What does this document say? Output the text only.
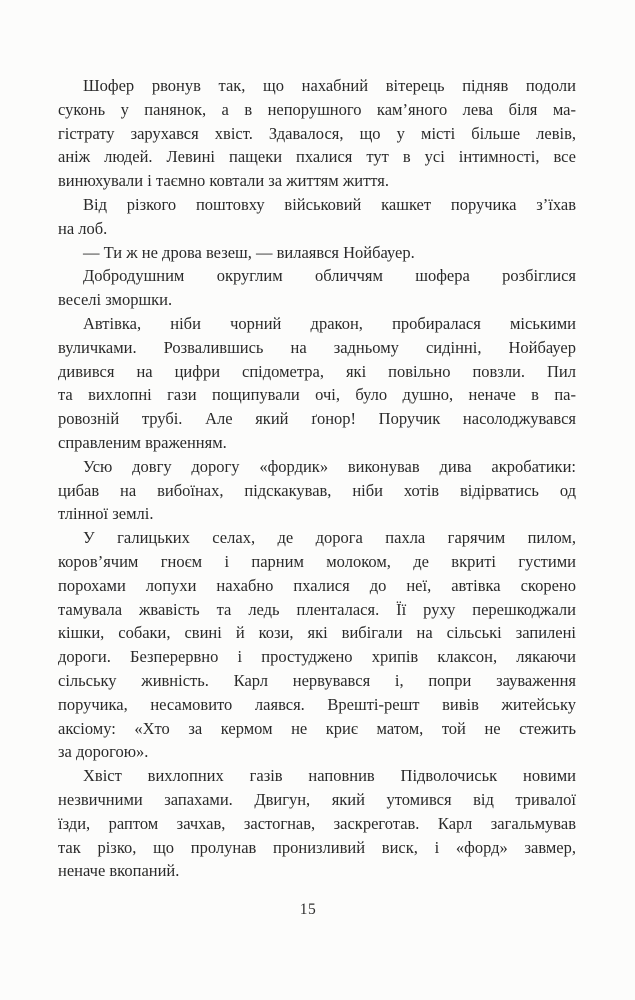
Шофер рвонув так, що нахабний вітерець підняв подоли
суконь у панянок, а в непорушного кам’яного лева біля ма-
гістрату зарухався хвіст. Здавалося, що у місті більше левів,
аніж людей. Левині пащеки пхалися тут в усі інтимності, все
винюхували і таємно ковтали за життям життя.

Від різкого поштовху військовий кашкет поручика з’їхав
на лоб.

— Ти ж не дрова везеш, — вилаявся Нойбауер.

Добродушним округлим обличчям шофера розбіглися
веселі зморшки.

Автівка, ніби чорний дракон, пробиралася міськими
вуличками. Розвалившись на задньому сидінні, Нойбауер
дивився на цифри спідометра, які повільно повзли. Пил
та вихлопні гази пощипували очі, було душно, неначе в па-
ровозній трубі. Але який ґонор! Поручик насолоджувався
справленим враженням.

Усю довгу дорогу «фордик» виконував дива акробатики:
цибав на вибоїнах, підскакував, ніби хотів відірватись од
тлінної землі.

У галицьких селах, де дорога пахла гарячим пилом,
коров’ячим гноєм і парним молоком, де вкриті густими
порохами лопухи нахабно пхалися до неї, автівка скорено
тамувала жвавість та ледь пленталася. Її руху перешкоджали
кішки, собаки, свині й кози, які вибігали на сільські запилені
дороги. Безперервно і простуджено хрипів клаксон, лякаючи
сільську живність. Карл нервувався і, попри зауваження
поручика, несамовито лаявся. Врешті-решт вивів житейську
аксіому: «Хто за кермом не криє матом, той не стежить
за дорогою».

Хвіст вихлопних газів наповнив Підволочиськ новими
незвичними запахами. Двигун, який утомився від тривалої
їзди, раптом зачхав, застогнав, заскреготав. Карл загальмував
так різко, що пролунав пронизливий виск, і «форд» завмер,
неначе вкопаний.

15
